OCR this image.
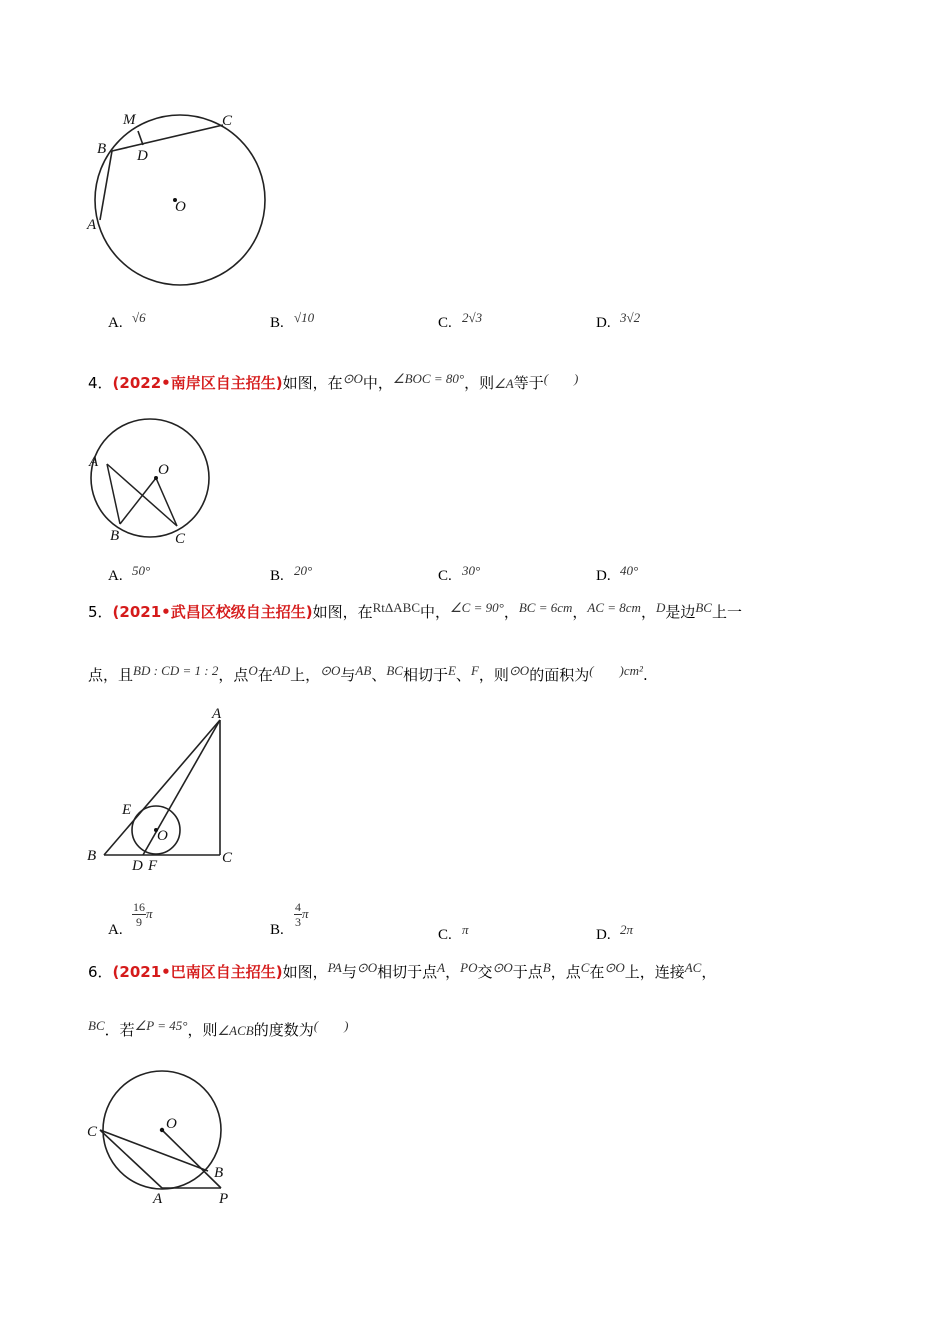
M	C
B D
O
A
A. √6	B. √10	C. 2√3	D. 3√2
4．(2022•南岸区自主招生)如图，在⊙O中，∠BOC = 80°，则∠A等于(　　)
A	O
B	C
A. 50°	B. 20°	C. 30°	D. 40°
5．(2021•武昌区校级自主招生)如图，在RtΔABC中，∠C = 90°，BC = 6cm，AC = 8cm，D是边BC上一
点，且BD : CD = 1 : 2，点O在AD上，⊙O与AB、BC相切于E、F，则⊙O的面积为(　　)cm².
A
E
O
B
D F	C
A.
$\frac{16}{9}$ π
B.
$\frac{4}{3}$ π
C. π	D. 2π
6．(2021•巴南区自主招生)如图，PA与⊙O相切于点A，PO交⊙O于点B，点C在⊙O上，连接AC，
BC．若∠P = 45°，则∠ACB的度数为(　　)
C	O
B
A	P
